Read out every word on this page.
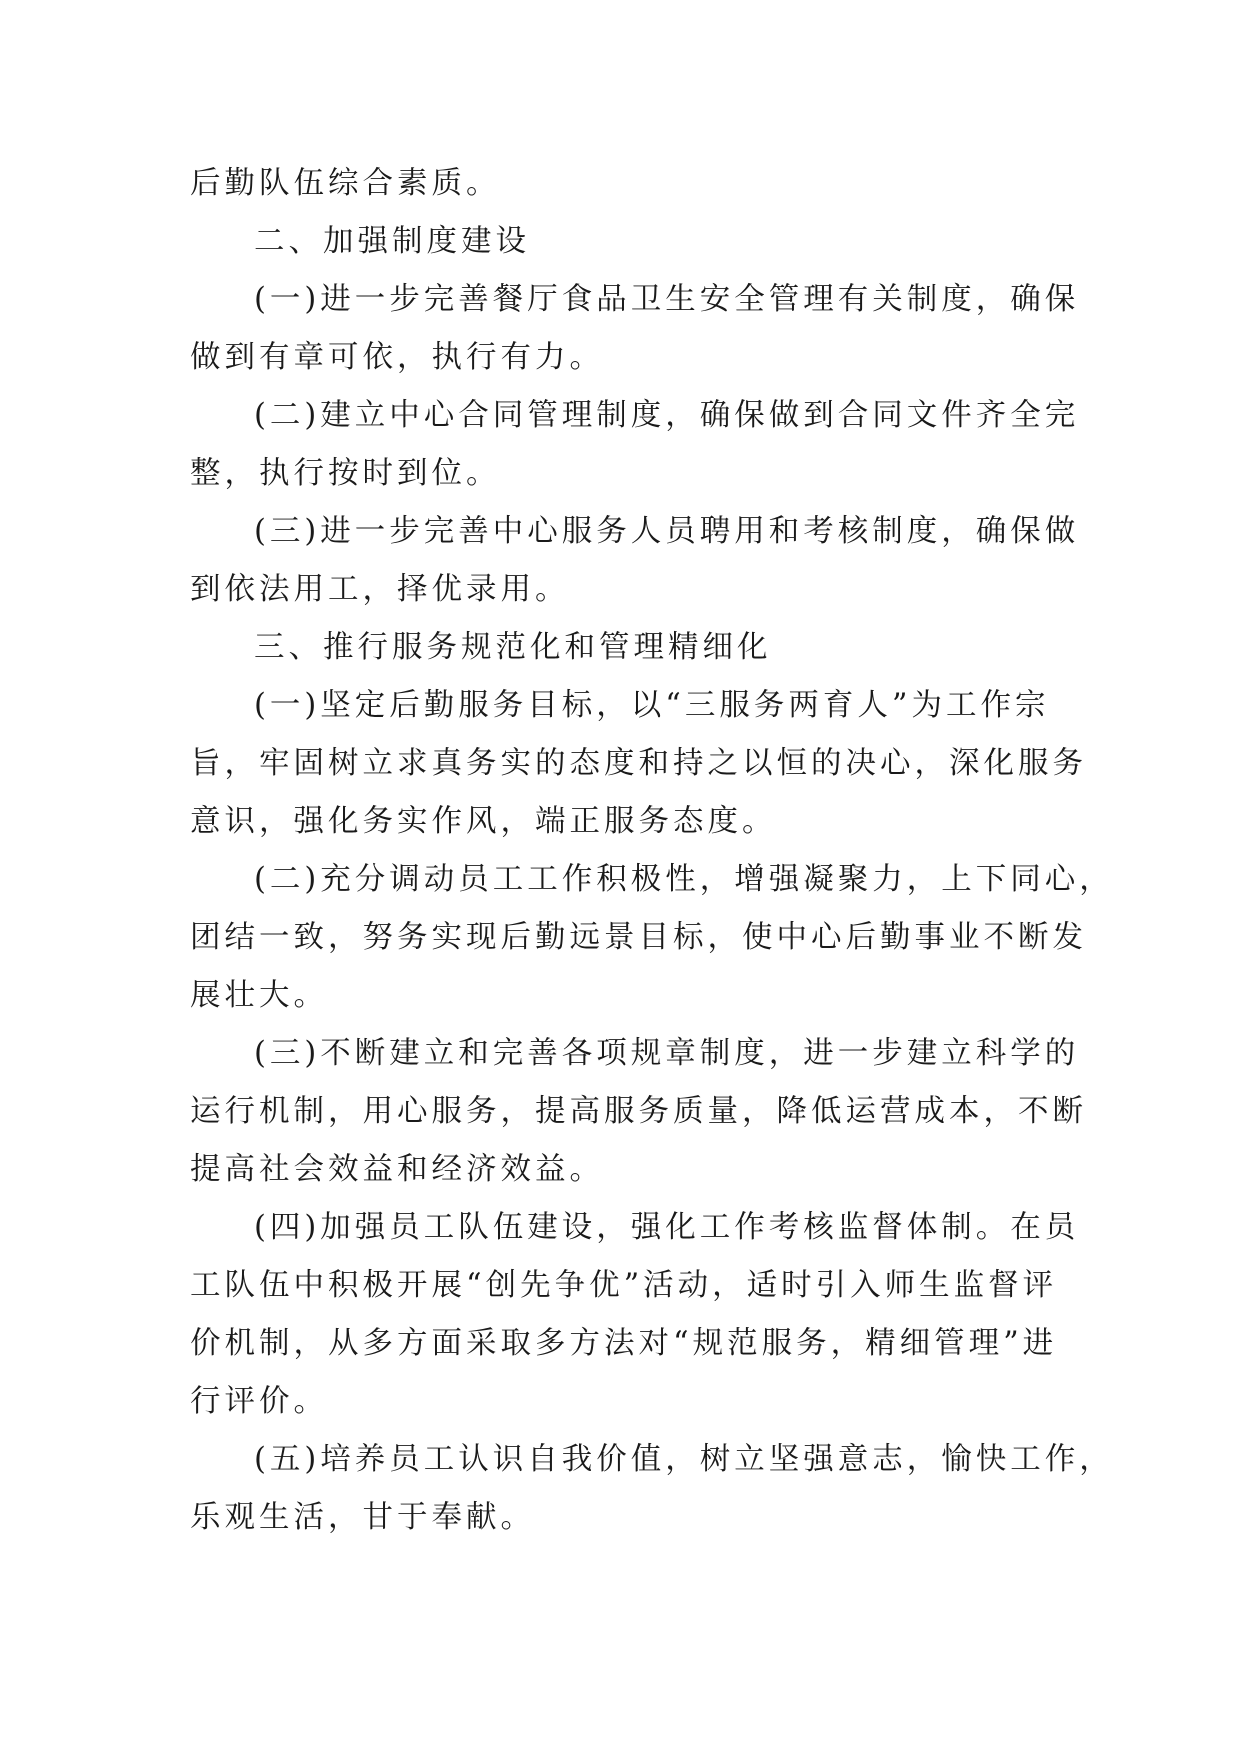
后勤队伍综合素质。

二、加强制度建设

(一)进一步完善餐厅食品卫生安全管理有关制度，确保
做到有章可依，执行有力。

(二)建立中心合同管理制度，确保做到合同文件齐全完
整，执行按时到位。

(三)进一步完善中心服务人员聘用和考核制度，确保做
到依法用工，择优录用。

三、推行服务规范化和管理精细化

(一)坚定后勤服务目标，以“三服务两育人”为工作宗
旨，牢固树立求真务实的态度和持之以恒的决心，深化服务
意识，强化务实作风，端正服务态度。

(二)充分调动员工工作积极性，增强凝聚力，上下同心，
团结一致，努务实现后勤远景目标，使中心后勤事业不断发
展壮大。

(三)不断建立和完善各项规章制度，进一步建立科学的
运行机制，用心服务，提高服务质量，降低运营成本，不断
提高社会效益和经济效益。

(四)加强员工队伍建设，强化工作考核监督体制。在员
工队伍中积极开展“创先争优”活动，适时引入师生监督评
价机制，从多方面采取多方法对“规范服务，精细管理”进
行评价。

(五)培养员工认识自我价值，树立坚强意志，愉快工作，
乐观生活，甘于奉献。
